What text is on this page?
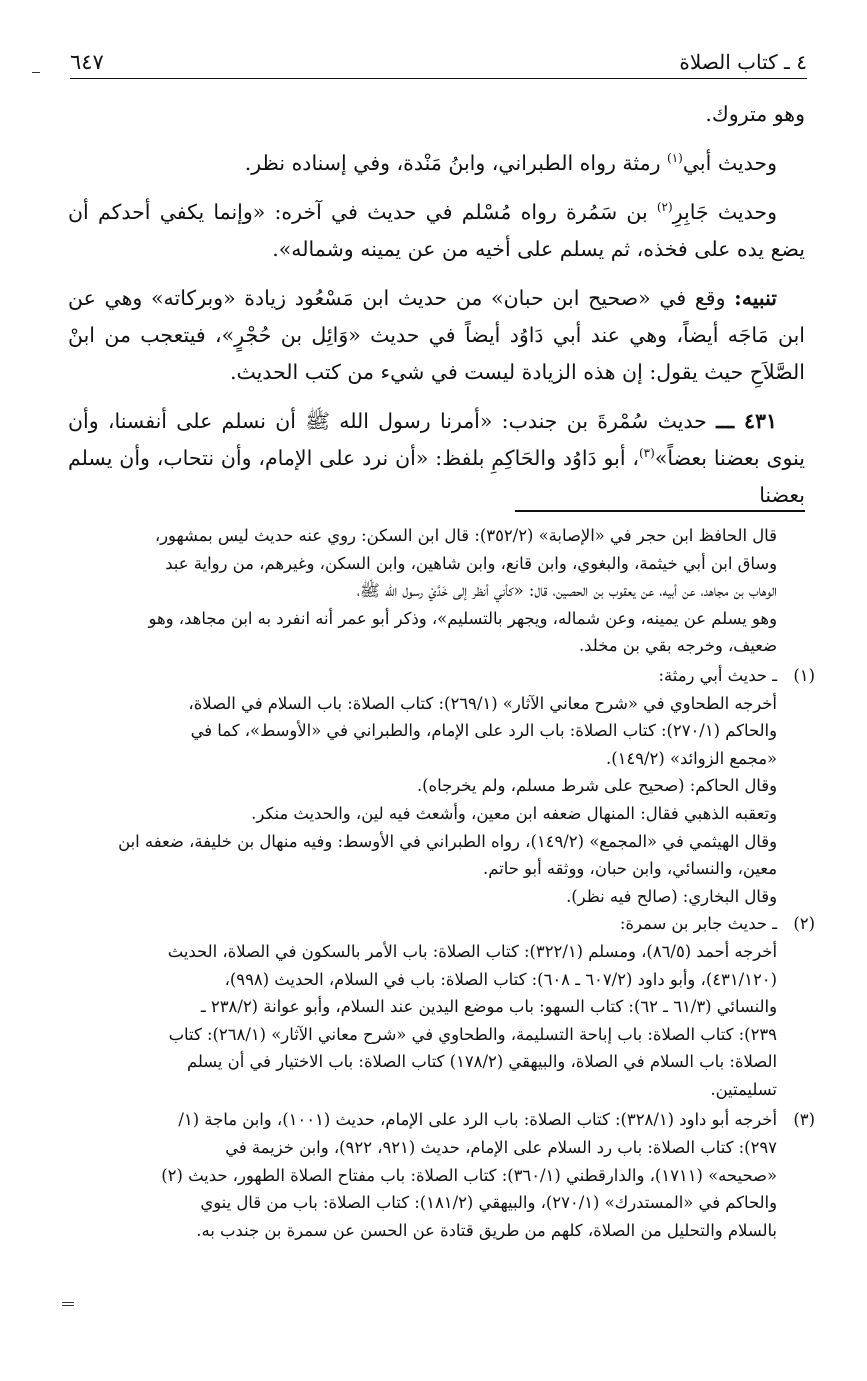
٤ ـ كتاب الصلاة
٦٤٧

وهو متروك.

وحديث أبي$^{(١)}$ رمثة رواه الطبراني، وابنُ مَنْدة، وفي إسناده نظر.

وحديث جَابِرِ$^{(٢)}$ بن سَمُرة رواه مُسْلم في حديث في آخره: «وإنما يكفي أحدكم أن يضع يده على فخذه، ثم يسلم على أخيه من عن يمينه وشماله».

تنبيه: وقع في «صحيح ابن حبان» من حديث ابن مَسْعُود زيادة «وبركاته» وهي عن ابن مَاجَه أيضاً، وهي عند أبي دَاوُد أيضاً في حديث «وَائِل بن حُجْرٍ»، فيتعجب من ابنْ الصَّلاَحِ حيث يقول: إن هذه الزيادة ليست في شيء من كتب الحديث.

٤٣١ ـــ حديث سُمْرةَ بن جندب: «أمرنا رسول الله ﷺ أن نسلم على أنفسنا، وأن ينوى بعضنا بعضاً»$^{(٣)}$، أبو دَاوُد والحَاكِمِ بلفظ: «أن نرد على الإمام، وأن نتحاب، وأن يسلم بعضنا

قال الحافظ ابن حجر في «الإصابة» (٣٥٢/٢): قال ابن السكن: روي عنه حديث ليس بمشهور،

وساق ابن أبي خيثمة، والبغوي، وابن قانع، وابن شاهين، وابن السكن، وغيرهم، من رواية عبد

الوهاب بن مجاهد، عن أبيه، عن يعقوب بن الحصين، قال: «كأني أنظر إلى خَدَّيْ رسول الله ﷺ،

وهو يسلم عن يمينه، وعن شماله، ويجهر بالتسليم»، وذكر أبو عمر أنه انفرد به ابن مجاهد، وهو

ضعيف، وخرجه بقي بن مخلد.

(١)

ـ حديث أبي رمثة:

أخرجه الطحاوي في «شرح معاني الآثار» (٢٦٩/١): كتاب الصلاة: باب السلام في الصلاة،

والحاكم (٢٧٠/١): كتاب الصلاة: باب الرد على الإمام، والطبراني في «الأوسط»، كما في

«مجمع الزوائد» (١٤٩/٢).

وقال الحاكم: (صحيح على شرط مسلم، ولم يخرجاه).

وتعقبه الذهبي فقال: المنهال ضعفه ابن معين، وأشعث فيه لين، والحديث منكر.

وقال الهيثمي في «المجمع» (١٤٩/٢)، رواه الطبراني في الأوسط: وفيه منهال بن خليفة، ضعفه ابن

معين، والنسائي، وابن حبان، ووثقه أبو حاتم.

وقال البخاري: (صالح فيه نظر).

(٢)

ـ حديث جابر بن سمرة:

أخرجه أحمد (٨٦/٥)، ومسلم (٣٢٢/١): كتاب الصلاة: باب الأمر بالسكون في الصلاة، الحديث

(٤٣١/١٢٠)، وأبو داود (٦٠٧/٢ ـ ٦٠٨): كتاب الصلاة: باب في السلام، الحديث (٩٩٨)،

والنسائي (٦١/٣ ـ ٦٢): كتاب السهو: باب موضع اليدين عند السلام، وأبو عوانة (٢٣٨/٢ ـ

٢٣٩): كتاب الصلاة: باب إباحة التسليمة، والطحاوي في «شرح معاني الآثار» (٢٦٨/١): كتاب

الصلاة: باب السلام في الصلاة، والبيهقي (١٧٨/٢) كتاب الصلاة: باب الاختيار في أن يسلم

تسليمتين.

(٣)

أخرجه أبو داود (٣٢٨/١): كتاب الصلاة: باب الرد على الإمام، حديث (١٠٠١)، وابن ماجة (١/

٢٩٧): كتاب الصلاة: باب رد السلام على الإمام، حديث (٩٢١، ٩٢٢)، وابن خزيمة في

«صحيحه» (١٧١١)، والدارقطني (٣٦٠/١): كتاب الصلاة: باب مفتاح الصلاة الطهور، حديث (٢)

والحاكم في «المستدرك» (٢٧٠/١)، والبيهقي (١٨١/٢): كتاب الصلاة: باب من قال ينوي

بالسلام والتحليل من الصلاة، كلهم من طريق قتادة عن الحسن عن سمرة بن جندب به.
